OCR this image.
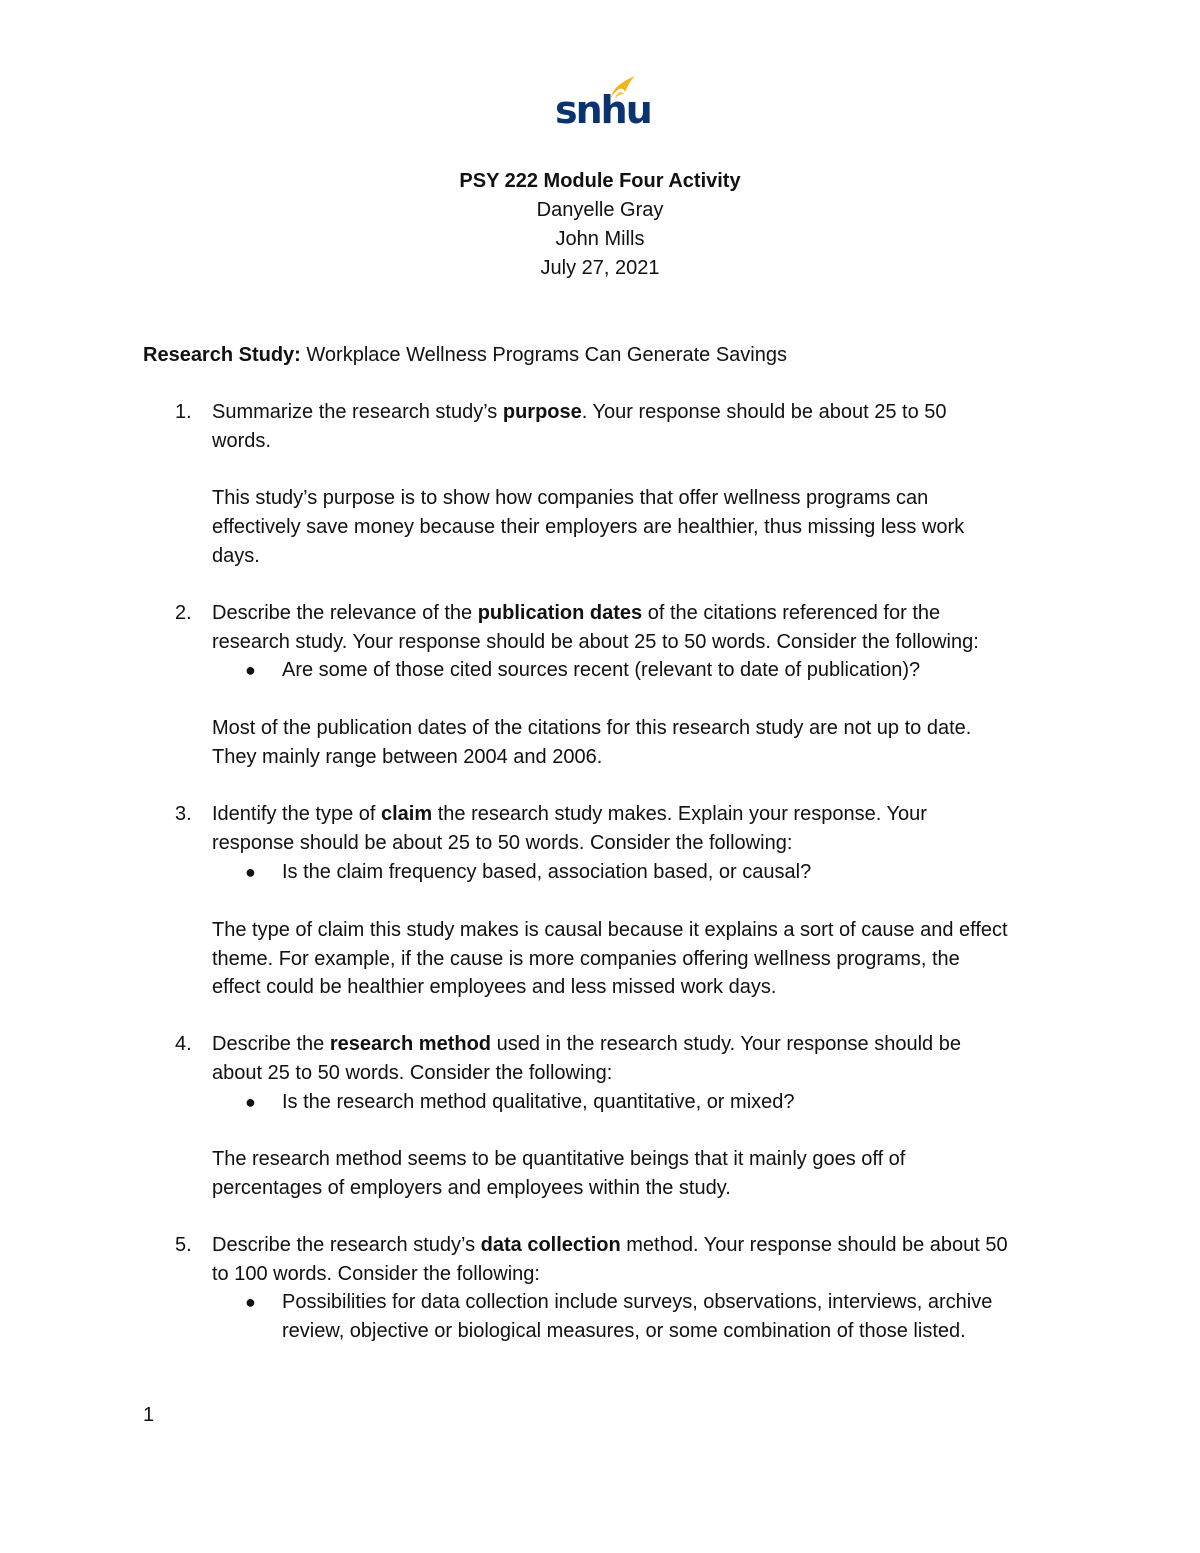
snhu
PSY 222 Module Four Activity
Danyelle Gray
John Mills
July 27, 2021
Research Study: Workplace Wellness Programs Can Generate Savings
1. Summarize the research study’s purpose. Your response should be about 25 to 50
words.
This study’s purpose is to show how companies that offer wellness programs can
effectively save money because their employers are healthier, thus missing less work
days.
2. Describe the relevance of the publication dates of the citations referenced for the
research study. Your response should be about 25 to 50 words. Consider the following:
● Are some of those cited sources recent (relevant to date of publication)?
Most of the publication dates of the citations for this research study are not up to date.
They mainly range between 2004 and 2006.
3. Identify the type of claim the research study makes. Explain your response. Your
response should be about 25 to 50 words. Consider the following:
● Is the claim frequency based, association based, or causal?
The type of claim this study makes is causal because it explains a sort of cause and effect
theme. For example, if the cause is more companies offering wellness programs, the
effect could be healthier employees and less missed work days.
4. Describe the research method used in the research study. Your response should be
about 25 to 50 words. Consider the following:
● Is the research method qualitative, quantitative, or mixed?
The research method seems to be quantitative beings that it mainly goes off of
percentages of employers and employees within the study.
5. Describe the research study’s data collection method. Your response should be about 50
to 100 words. Consider the following:
● Possibilities for data collection include surveys, observations, interviews, archive
review, objective or biological measures, or some combination of those listed.
1
